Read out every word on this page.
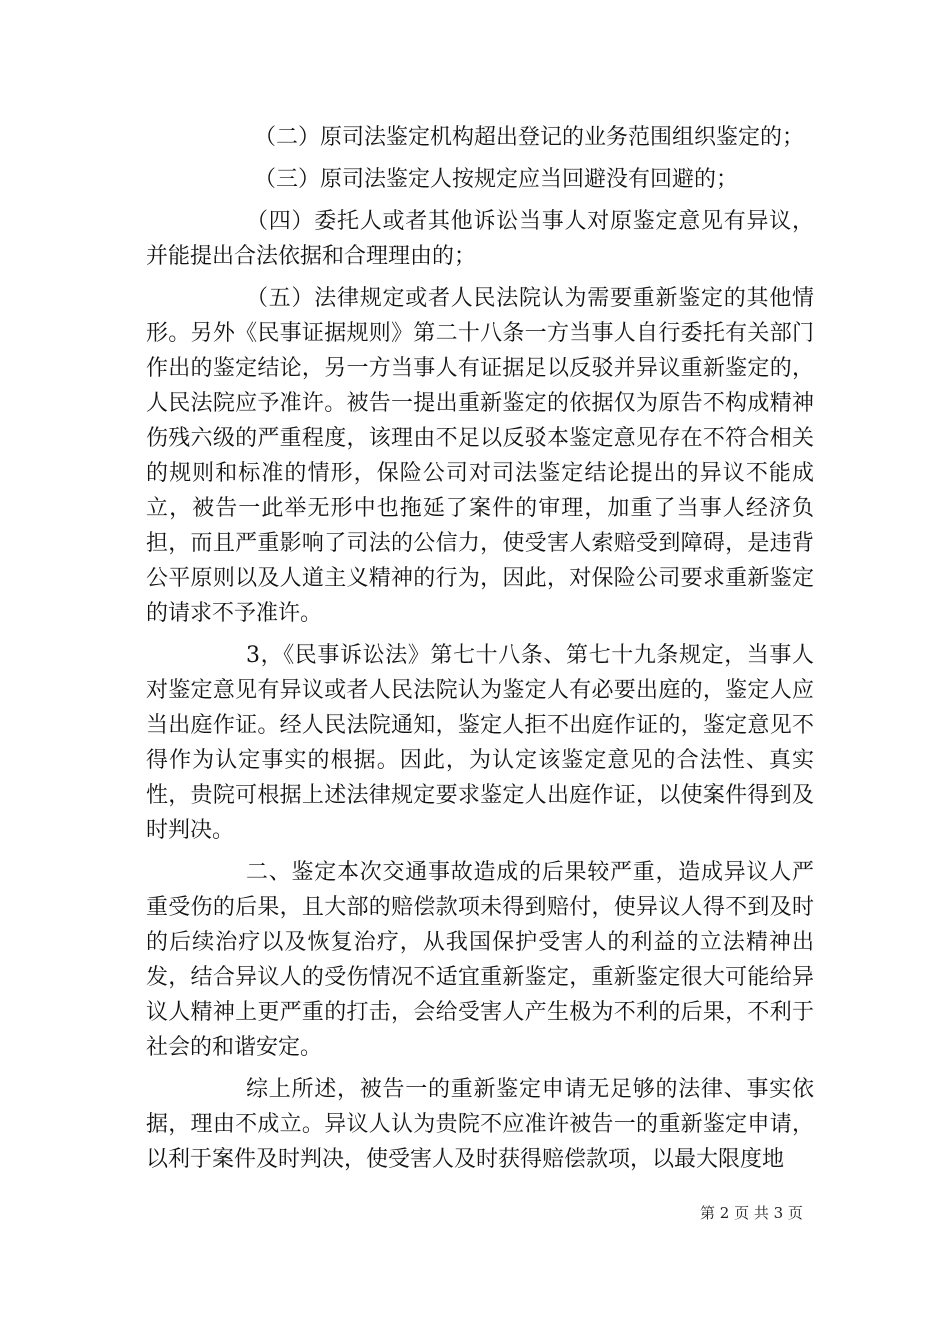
（二）原司法鉴定机构超出登记的业务范围组织鉴定的；

（三）原司法鉴定人按规定应当回避没有回避的；

（四）委托人或者其他诉讼当事人对原鉴定意见有异议，并能提出合法依据和合理理由的；

（五）法律规定或者人民法院认为需要重新鉴定的其他情形。另外《民事证据规则》第二十八条一方当事人自行委托有关部门作出的鉴定结论，另一方当事人有证据足以反驳并异议重新鉴定的，人民法院应予准许。被告一提出重新鉴定的依据仅为原告不构成精神伤残六级的严重程度，该理由不足以反驳本鉴定意见存在不符合相关的规则和标准的情形，保险公司对司法鉴定结论提出的异议不能成立，被告一此举无形中也拖延了案件的审理，加重了当事人经济负担，而且严重影响了司法的公信力，使受害人索赔受到障碍，是违背公平原则以及人道主义精神的行为，因此，对保险公司要求重新鉴定的请求不予准许。

3，《民事诉讼法》第七十八条、第七十九条规定，当事人对鉴定意见有异议或者人民法院认为鉴定人有必要出庭的，鉴定人应当出庭作证。经人民法院通知，鉴定人拒不出庭作证的，鉴定意见不得作为认定事实的根据。因此，为认定该鉴定意见的合法性、真实性，贵院可根据上述法律规定要求鉴定人出庭作证，以使案件得到及时判决。

二、鉴定本次交通事故造成的后果较严重，造成异议人严重受伤的后果，且大部的赔偿款项未得到赔付，使异议人得不到及时的后续治疗以及恢复治疗，从我国保护受害人的利益的立法精神出发，结合异议人的受伤情况不适宜重新鉴定，重新鉴定很大可能给异议人精神上更严重的打击，会给受害人产生极为不利的后果，不利于社会的和谐安定。

综上所述，被告一的重新鉴定申请无足够的法律、事实依据，理由不成立。异议人认为贵院不应准许被告一的重新鉴定申请，以利于案件及时判决，使受害人及时获得赔偿款项，以最大限度地

第 2 页 共 3 页
